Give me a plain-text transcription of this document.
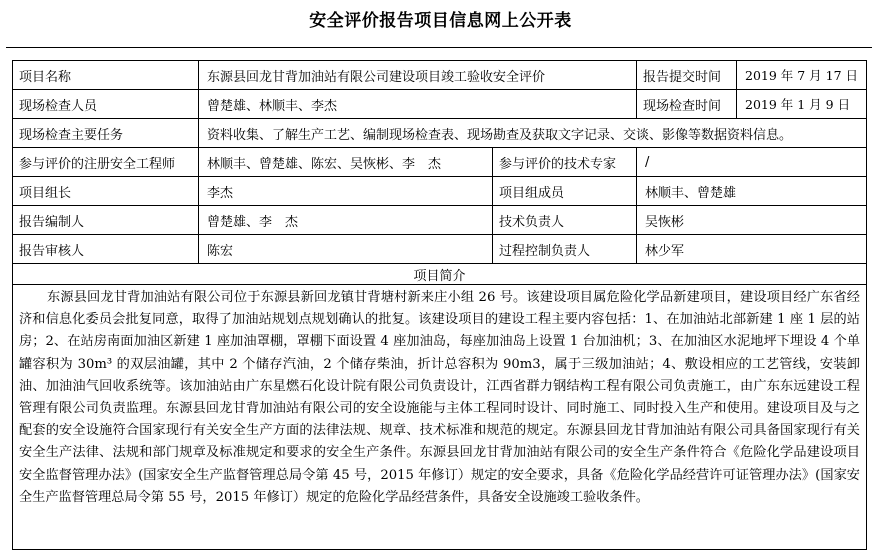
安全评价报告项目信息网上公开表
项目名称	东源县回龙甘背加油站有限公司建设项目竣工验收安全评价		报告提交时间	2019 年 7 月 17 日
现场检查人员	曾楚雄、林顺丰、李杰		现场检查时间	2019 年 1 月 9 日
现场检查主要任务	资料收集、了解生产工艺、编制现场检查表、现场勘查及获取文字记录、交谈、影像等数据资料信息。			
参与评价的注册安全工程师	林顺丰、曾楚雄、陈宏、吴恢彬、李　杰	参与评价的技术专家	/	
项目组长	李杰	项目组成员	林顺丰、曾楚雄	
报告编制人	曾楚雄、李　杰	技术负责人	吴恢彬	
报告审核人	陈宏	过程控制负责人	林少军	
项目简介				
东源县回龙甘背加油站有限公司位于东源县新回龙镇甘背塘村新来庄小组 26 号。该建设项目属危险化学品新建项目，建设项目经广东省经济和信息化委员会批复同意，取得了加油站规划点规划确认的批复。该建设项目的建设工程主要内容包括：1、在加油站北部新建 1 座 1 层的站房；2、在站房南面加油区新建 1 座加油罩棚，罩棚下面设置 4 座加油岛，每座加油岛上设置 1 台加油机；3、在加油区水泥地坪下埋设 4 个单罐容积为 30m³ 的双层油罐，其中 2 个储存汽油，2 个储存柴油，折计总容积为 90m3，属于三级加油站；4、敷设相应的工艺管线，安装卸油、加油油气回收系统等。该加油站由广东星燃石化设计院有限公司负责设计，江西省群力钢结构工程有限公司负责施工，由广东东远建设工程管理有限公司负责监理。东源县回龙甘背加油站有限公司的安全设施能与主体工程同时设计、同时施工、同时投入生产和使用。建设项目及与之配套的安全设施符合国家现行有关安全生产方面的法律法规、规章、技术标准和规范的规定。东源县回龙甘背加油站有限公司具备国家现行有关安全生产法律、法规和部门规章及标准规定和要求的安全生产条件。东源县回龙甘背加油站有限公司的安全生产条件符合《危险化学品建设项目安全监督管理办法》(国家安全生产监督管理总局令第 45 号，2015 年修订）规定的安全要求，具备《危险化学品经营许可证管理办法》(国家安全生产监督管理总局令第 55 号，2015 年修订）规定的危险化学品经营条件，具备安全设施竣工验收条件。				
